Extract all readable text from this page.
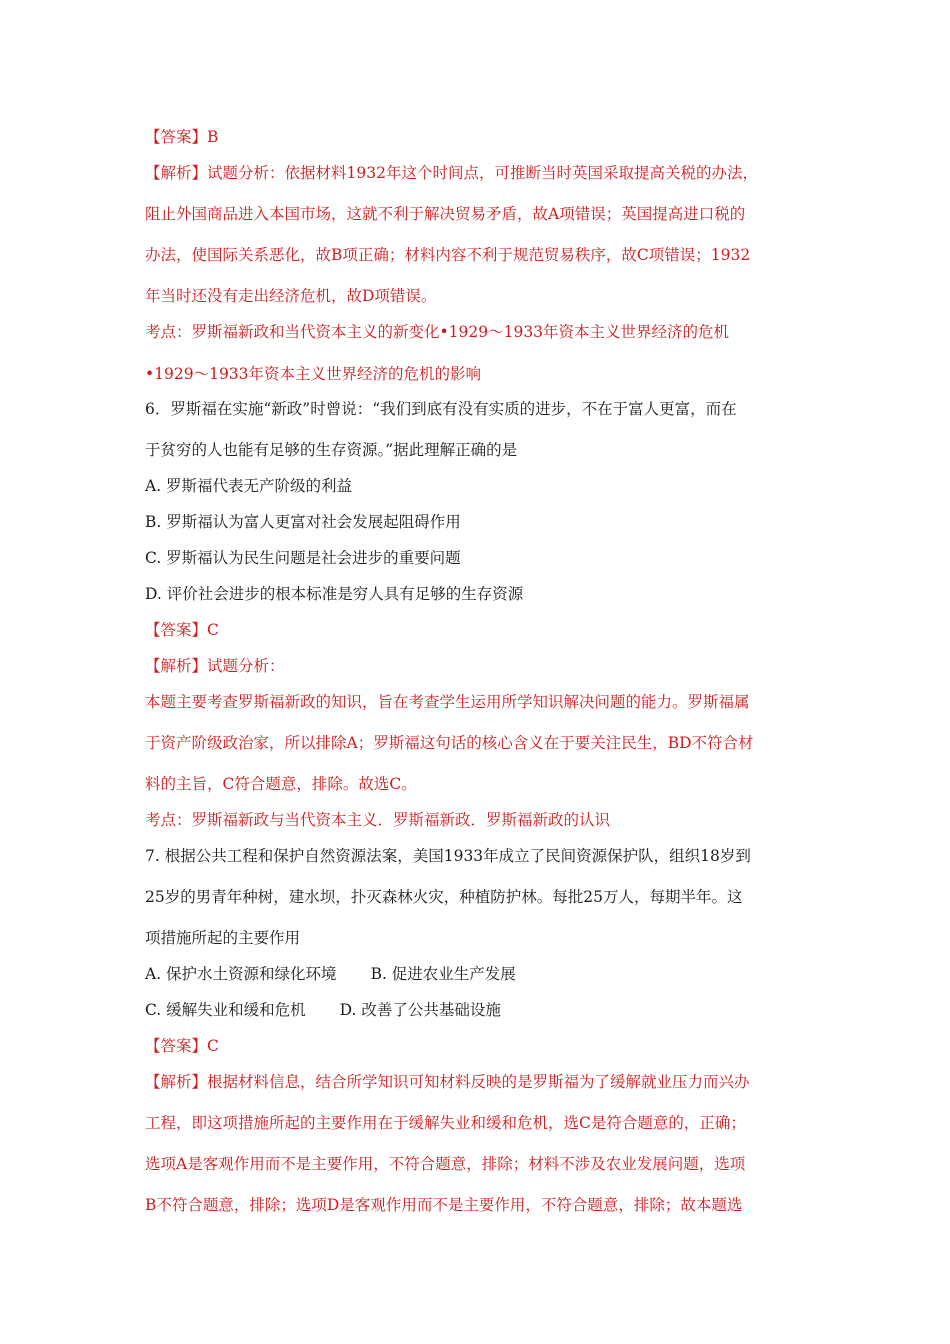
【答案】B
【解析】试题分析：依据材料1932年这个时间点，可推断当时英国采取提高关税的办法，
阻止外国商品进入本国市场，这就不利于解决贸易矛盾，故A项错误；英国提高进口税的
办法，使国际关系恶化，故B项正确；材料内容不利于规范贸易秩序，故C项错误；1932
年当时还没有走出经济危机，故D项错误。
考点：罗斯福新政和当代资本主义的新变化•1929～1933年资本主义世界经济的危机
•1929～1933年资本主义世界经济的危机的影响
6．罗斯福在实施“新政”时曾说：“我们到底有没有实质的进步，不在于富人更富，而在
于贫穷的人也能有足够的生存资源。”据此理解正确的是
A. 罗斯福代表无产阶级的利益
B. 罗斯福认为富人更富对社会发展起阻碍作用
C. 罗斯福认为民生问题是社会进步的重要问题
D. 评价社会进步的根本标准是穷人具有足够的生存资源
【答案】C
【解析】试题分析：
本题主要考查罗斯福新政的知识，旨在考查学生运用所学知识解决问题的能力。罗斯福属
于资产阶级政治家，所以排除A；罗斯福这句话的核心含义在于要关注民生，BD不符合材
料的主旨，C符合题意，排除。故选C。
考点：罗斯福新政与当代资本主义．罗斯福新政．罗斯福新政的认识
7. 根据公共工程和保护自然资源法案，美国1933年成立了民间资源保护队，组织18岁到
25岁的男青年种树，建水坝，扑灭森林火灾，种植防护林。每批25万人，每期半年。这
项措施所起的主要作用
A. 保护水土资源和绿化环境 B. 促进农业生产发展
C. 缓解失业和缓和危机 D. 改善了公共基础设施
【答案】C
【解析】根据材料信息，结合所学知识可知材料反映的是罗斯福为了缓解就业压力而兴办
工程，即这项措施所起的主要作用在于缓解失业和缓和危机，选C是符合题意的，正确；
选项A是客观作用而不是主要作用，不符合题意，排除；材料不涉及农业发展问题，选项
B不符合题意，排除；选项D是客观作用而不是主要作用，不符合题意，排除；故本题选
